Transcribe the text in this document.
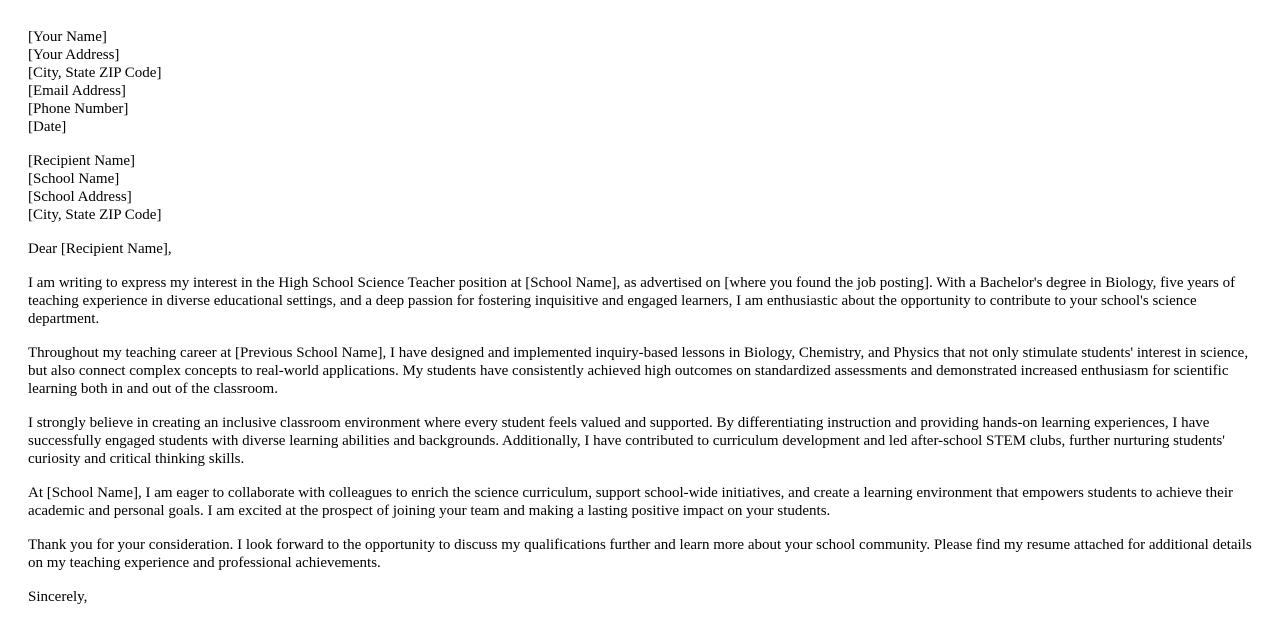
[Your Name]
[Your Address]
[City, State ZIP Code]
[Email Address]
[Phone Number]
[Date]
[Recipient Name]
[School Name]
[School Address]
[City, State ZIP Code]

Dear [Recipient Name],

I am writing to express my interest in the High School Science Teacher position at [School Name], as advertised on [where you found the job posting]. With a Bachelor's degree in Biology, five years of teaching experience in diverse educational settings, and a deep passion for fostering inquisitive and engaged learners, I am enthusiastic about the opportunity to contribute to your school's science department.

Throughout my teaching career at [Previous School Name], I have designed and implemented inquiry-based lessons in Biology, Chemistry, and Physics that not only stimulate students' interest in science, but also connect complex concepts to real-world applications. My students have consistently achieved high outcomes on standardized assessments and demonstrated increased enthusiasm for scientific learning both in and out of the classroom.

I strongly believe in creating an inclusive classroom environment where every student feels valued and supported. By differentiating instruction and providing hands-on learning experiences, I have successfully engaged students with diverse learning abilities and backgrounds. Additionally, I have contributed to curriculum development and led after-school STEM clubs, further nurturing students' curiosity and critical thinking skills.

At [School Name], I am eager to collaborate with colleagues to enrich the science curriculum, support school-wide initiatives, and create a learning environment that empowers students to achieve their academic and personal goals. I am excited at the prospect of joining your team and making a lasting positive impact on your students.

Thank you for your consideration. I look forward to the opportunity to discuss my qualifications further and learn more about your school community. Please find my resume attached for additional details on my teaching experience and professional achievements.

Sincerely,
